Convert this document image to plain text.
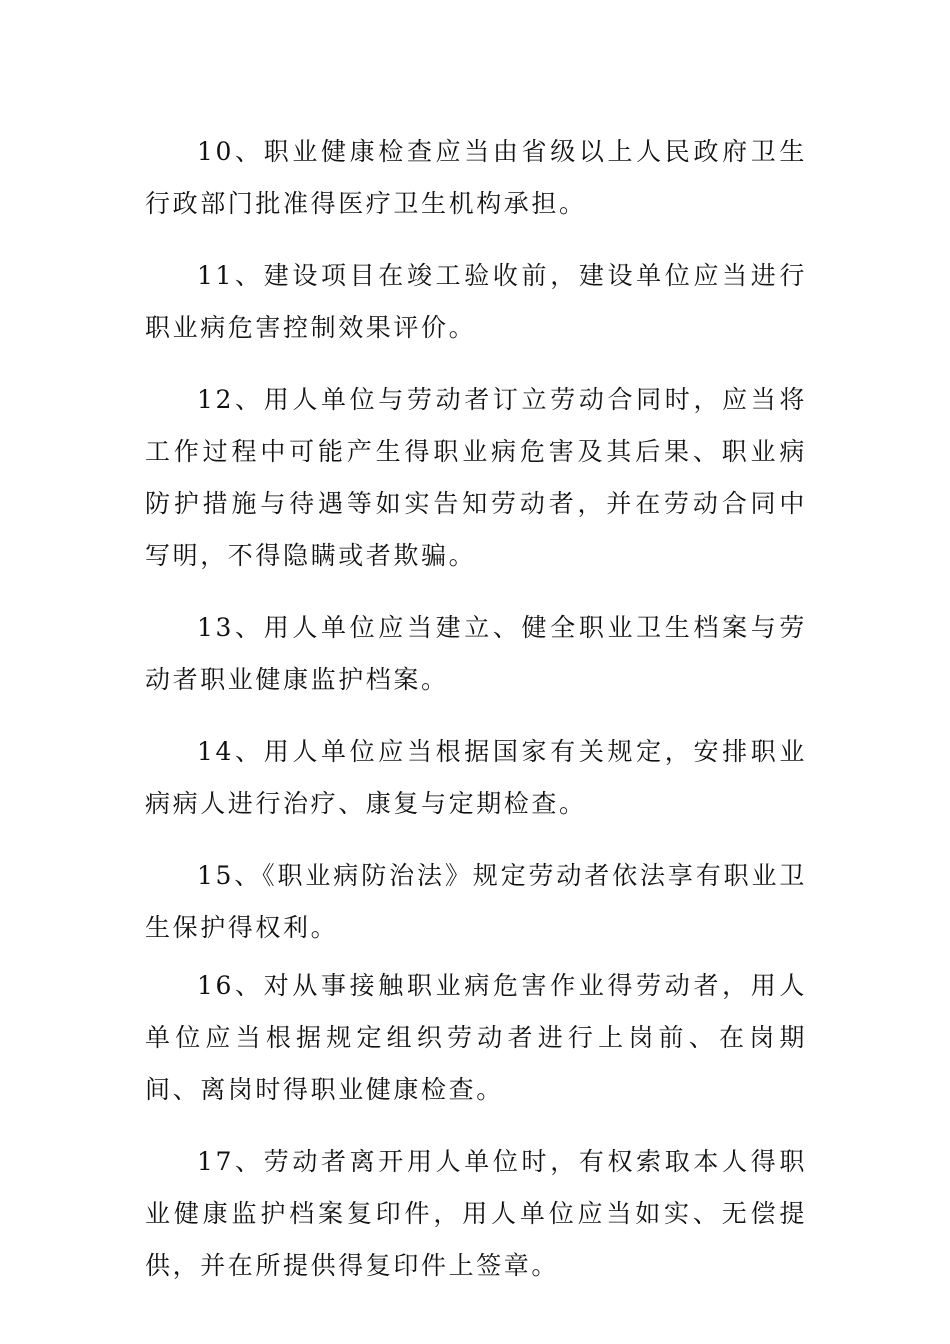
10、职业健康检查应当由省级以上人民政府卫生行政部门批准得医疗卫生机构承担。

11、建设项目在竣工验收前，建设单位应当进行职业病危害控制效果评价。

12、用人单位与劳动者订立劳动合同时，应当将工作过程中可能产生得职业病危害及其后果、职业病防护措施与待遇等如实告知劳动者，并在劳动合同中写明，不得隐瞒或者欺骗。

13、用人单位应当建立、健全职业卫生档案与劳动者职业健康监护档案。

14、用人单位应当根据国家有关规定，安排职业病病人进行治疗、康复与定期检查。

15、《职业病防治法》规定劳动者依法享有职业卫生保护得权利。

16、对从事接触职业病危害作业得劳动者，用人单位应当根据规定组织劳动者进行上岗前、在岗期间、离岗时得职业健康检查。

17、劳动者离开用人单位时，有权索取本人得职业健康监护档案复印件，用人单位应当如实、无偿提供，并在所提供得复印件上签章。
